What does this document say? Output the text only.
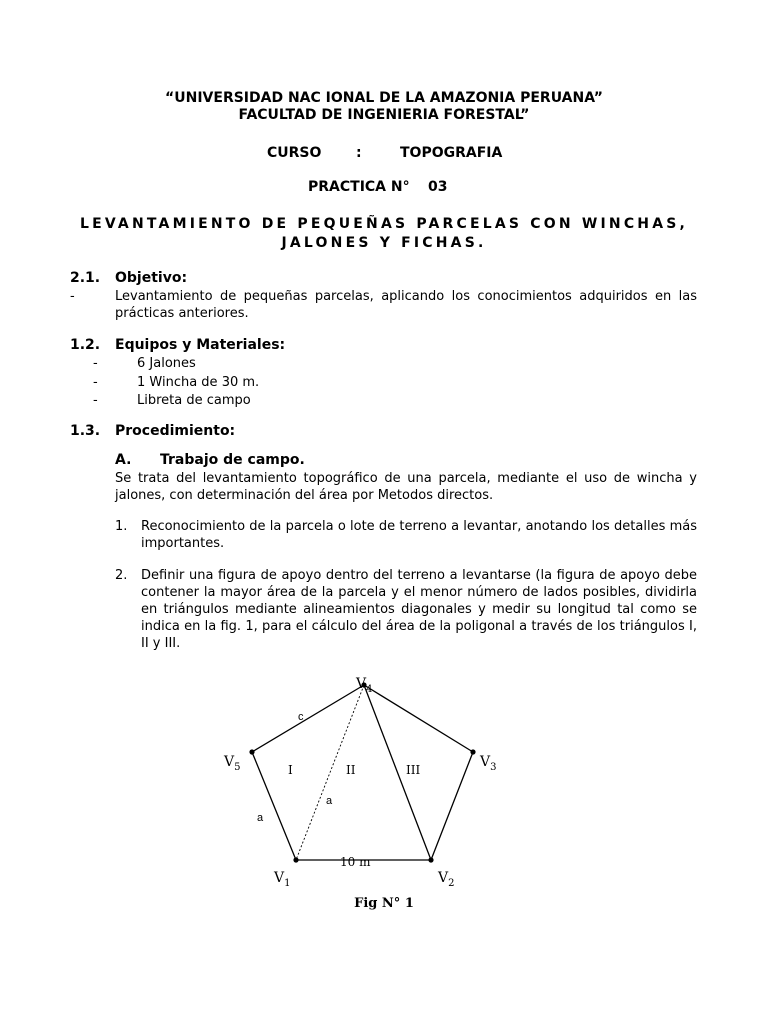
“UNIVERSIDAD NAC IONAL DE LA AMAZONIA PERUANA”
FACULTAD DE INGENIERIA FORESTAL”
CURSO :	TOPOGRAFIA
PRACTICA N° 03
LEVANTAMIENTO DE PEQUEÑAS PARCELAS CON WINCHAS,
JALONES Y FICHAS.
2.1. Objetivo:
-	Levantamiento de pequeñas parcelas, aplicando los conocimientos adquiridos en las prácticas anteriores.
1.2. Equipos y Materiales:
-	6 Jalones
-	1 Wincha de 30 m.
-	Libreta de campo
1.3. Procedimiento:
A. Trabajo de campo.
Se trata del levantamiento topográfico de una parcela, mediante el uso de wincha y jalones, con determinación del área por Metodos directos.
1. Reconocimiento de la parcela o lote de terreno a levantar, anotando los detalles más importantes.
2. Definir una figura de apoyo dentro del terreno a levantarse (la figura de apoyo debe contener la mayor área de la parcela y el menor número de lados posibles, dividirla en triángulos mediante alineamientos diagonales y medir su longitud tal como se indica en la fig. 1, para el cálculo del área de la poligonal a través de los triángulos I, II y III.
$V_4$
$V_5$	$V_3$
$V_1$	$V_2$
I	II	III
10 m
c
a
a
Fig N° 1
